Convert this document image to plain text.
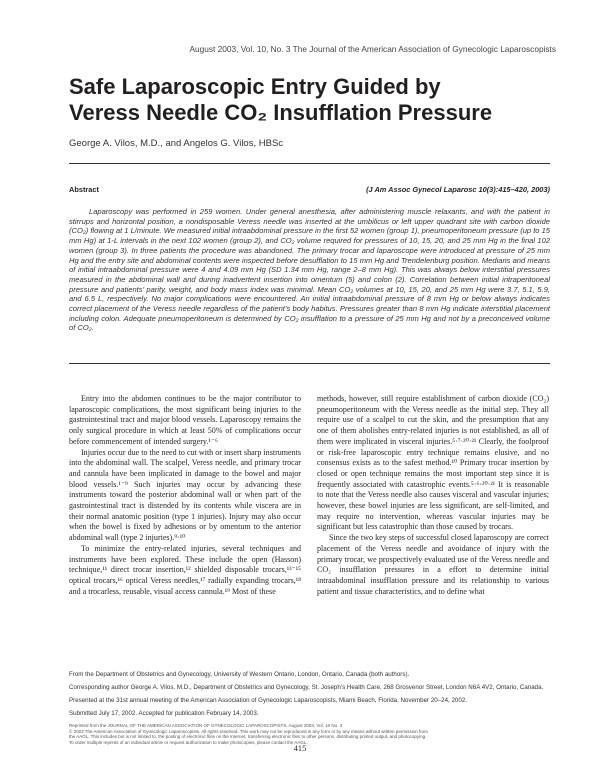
August 2003, Vol. 10, No. 3 The Journal of the American Association of Gynecologic Laparoscopists
Safe Laparoscopic Entry Guided by
Veress Needle CO₂ Insufflation Pressure
George A. Vilos, M.D., and Angelos G. Vilos, HBSc
Abstract	(J Am Assoc Gynecol Laparosc 10(3):415–420, 2003)

Laparoscopy was performed in 259 women. Under general anesthesia, after administering muscle relaxants, and with the patient in stirrups and horizontal position, a nondisposable Veress needle was inserted at the umbilicus or left upper quadrant site with carbon dioxide (CO₂) flowing at 1 L/minute. We measured initial intraabdominal pressure in the first 52 women (group 1), pneumoperitoneum pressure (up to 15 mm Hg) at 1-L intervals in the next 102 women (group 2), and CO₂ volume required for pressures of 10, 15, 20, and 25 mm Hg in the final 102 women (group 3). In three patients the procedure was abandoned. The primary trocar and laparoscope were introduced at pressure of 25 mm Hg and the entry site and abdominal contents were inspected before desufflation to 15 mm Hg and Trendelenburg position. Medians and means of initial intraabdominal pressure were 4 and 4.09 mm Hg (SD 1.34 mm Hg, range 2–8 mm Hg). This was always below interstitial pressures measured in the abdominal wall and during inadvertent insertion into omentum (5) and colon (2). Correlation between initial intraperitoneal pressure and patients’ parity, weight, and body mass index was minimal. Mean CO₂ volumes at 10, 15, 20, and 25 mm Hg were 3.7, 5.1, 5.9, and 6.5 L, respectively. No major complications were encountered. An initial intraabdominal pressure of 8 mm Hg or below always indicates correct placement of the Veress needle regardless of the patient’s body habitus. Pressures greater than 8 mm Hg indicate interstitial placement including colon. Adequate pneumoperitoneum is determined by CO₂ insufflation to a pressure of 25 mm Hg and not by a preconceived volume of CO₂.

Entry into the abdomen continues to be the major contributor to laparoscopic complications, the most significant being injuries to the gastrointestinal tract and major blood vessels. Laparoscopy remains the only surgical procedure in which at least 50% of complications occur before commencement of intended surgery.¹⁻⁶

Injuries occur due to the need to cut with or insert sharp instruments into the abdominal wall. The scalpel, Veress needle, and primary trocar and cannula have been implicated in damage to the bowel and major blood vessels.¹⁻⁹ Such injuries may occur by advancing these instruments toward the posterior abdominal wall or when part of the gastrointestinal tract is distended by its contents while viscera are in their normal anatomic position (type 1 injuries). Injury may also occur when the bowel is fixed by adhesions or by omentum to the anterior abdominal wall (type 2 injuries).⁹·¹⁰

To minimize the entry-related injuries, several techniques and instruments have been explored. These include the open (Hasson) technique,¹¹ direct trocar insertion,¹² shielded disposable trocars,¹³⁻¹⁵ optical trocars,¹⁶ optical Veress needles,¹⁷ radially expanding trocars,¹⁸ and a trocarless, reusable, visual access cannula.¹⁹ Most of these

methods, however, still require establishment of carbon dioxide (CO₂) pneumoperitoneum with the Veress needle as the initial step. They all require use of a scalpel to cut the skin, and the presumption that any one of them abolishes entry-related injuries is not established, as all of them were implicated in visceral injuries.⁵·⁷·²⁰·²¹ Clearly, the foolproof or risk-free laparoscopic entry technique remains elusive, and no consensus exists as to the safest method.¹⁰ Primary trocar insertion by closed or open technique remains the most important step since it is frequently associated with catastrophic events.⁵·⁶·²⁰·²¹ It is reasonable to note that the Veress needle also causes visceral and vascular injuries; however, these bowel injuries are less significant, are self-limited, and may require no intervention, whereas vascular injuries may be significant but less catastrophic than those caused by trocars.

Since the two key steps of successful closed laparoscopy are correct placement of the Veress needle and avoidance of injury with the primary trocar, we prospectively evaluated use of the Veress needle and CO₂ insufflation pressures in a effort to determine initial intraabdominal insufflation pressure and its relationship to various patient and tissue characteristics, and to define what

From the Department of Obstetrics and Gynecology, University of Western Ontario, London, Ontario, Canada (both authors).

Corresponding author George A. Vilos, M.D., Department of Obstetrics and Gynecology, St. Joseph’s Health Care, 268 Grosvenor Street, London N6A 4V2, Ontario, Canada.

Presented at the 31st annual meeting of the American Association of Gynecologic Laparoscopists, Miami Beach, Florida, November 20–24, 2002.

Submitted July 17, 2002. Accepted for publication February 14, 2003.

Reprinted from the JOURNAL OF THE AMERICAN ASSOCIATION OF GYNECOLOGIC LAPAROSCOPISTS, August 2003, Vol. 10 No. 3

© 2003 The American Association of Gynecologic Laparoscopists. All rights reserved. This work may not be reproduced in any form or by any means without written permission from

the AAGL. This includes but is not limited to, the posting of electronic files on the Internet, transferring electronic files to other persons, distributing printed output, and photocopying.

To order multiple reprints of an individual article or request authorization to make photocopies, please contact the AAGL.

415
